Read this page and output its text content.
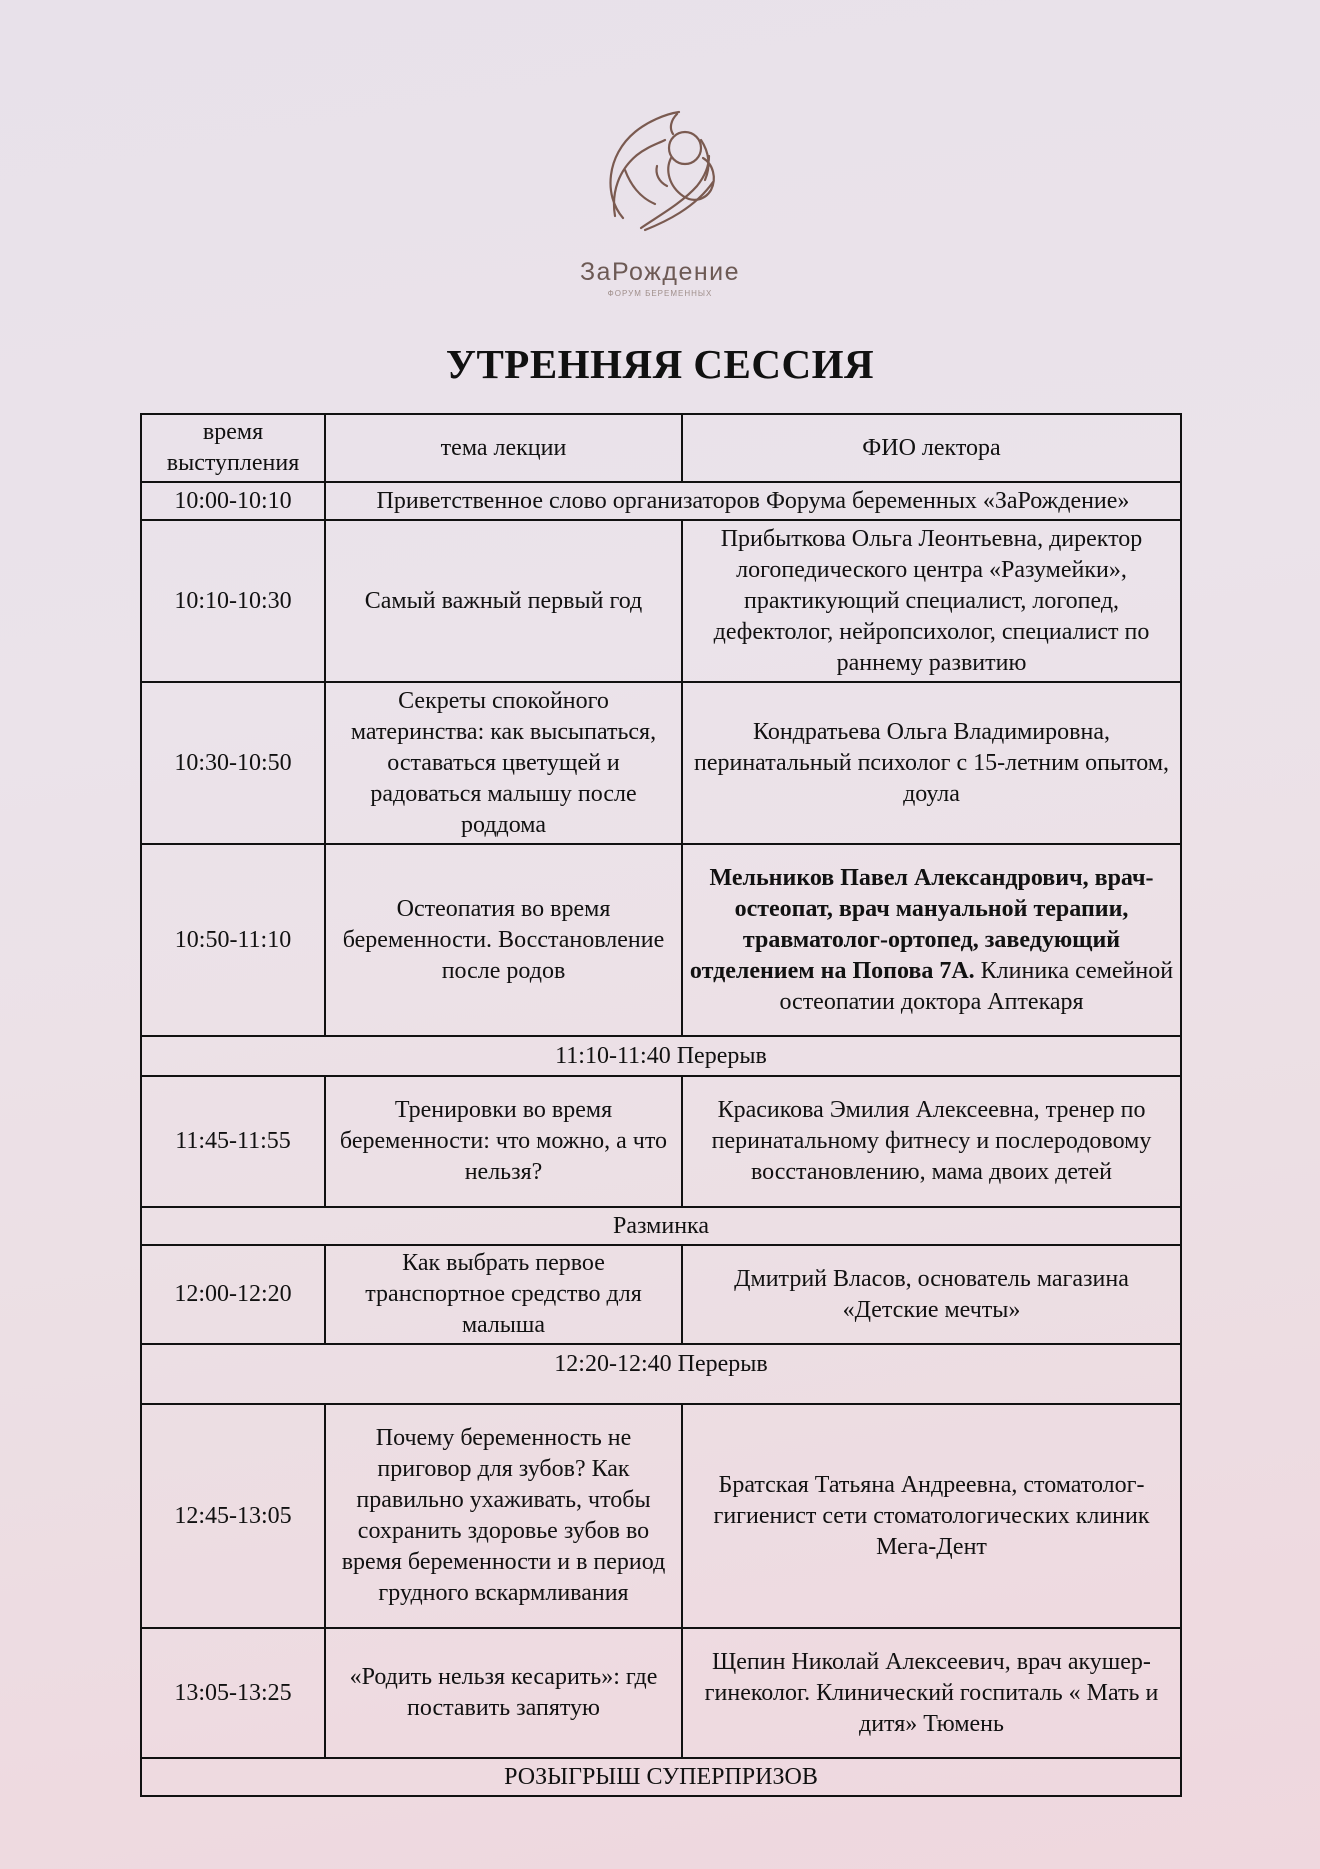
ЗаРождение
ФОРУМ БЕРЕМЕННЫХ
УТРЕННЯЯ СЕССИЯ
время выступления	тема лекции	ФИО лектора
10:00-10:10	Приветственное слово организаторов Форума беременных «ЗаРождение»	
10:10-10:30	Самый важный первый год	Прибыткова Ольга Леонтьевна, директор логопедического центра «Разумейки», практикующий специалист, логопед, дефектолог, нейропсихолог, специалист по раннему развитию
10:30-10:50	Секреты спокойного материнства: как высыпаться, оставаться цветущей и радоваться малышу после роддома	Кондратьева Ольга Владимировна, перинатальный психолог с 15-летним опытом, доула
10:50-11:10	Остеопатия во время беременности. Восстановление после родов	Мельников Павел Александрович, врач-остеопат, врач мануальной терапии, травматолог-ортопед, заведующий отделением на Попова 7А. Клиника семейной остеопатии доктора Аптекаря
11:10-11:40 Перерыв		
11:45-11:55	Тренировки во время беременности: что можно, а что нельзя?	Красикова Эмилия Алексеевна, тренер по перинатальному фитнесу и послеродовому восстановлению, мама двоих детей
Разминка		
12:00-12:20	Как выбрать первое транспортное средство для малыша	Дмитрий Власов, основатель магазина «Детские мечты»
12:20-12:40 Перерыв		
12:45-13:05	Почему беременность не приговор для зубов? Как правильно ухаживать, чтобы сохранить здоровье зубов во время беременности и в период грудного вскармливания	Братская Татьяна Андреевна, стоматолог-гигиенист сети стоматологических клиник Мега-Дент
13:05-13:25	«Родить нельзя кесарить»: где поставить запятую	Щепин Николай Алексеевич, врач акушер-гинеколог. Клинический госпиталь « Мать и дитя» Тюмень
РОЗЫГРЫШ СУПЕРПРИЗОВ		
